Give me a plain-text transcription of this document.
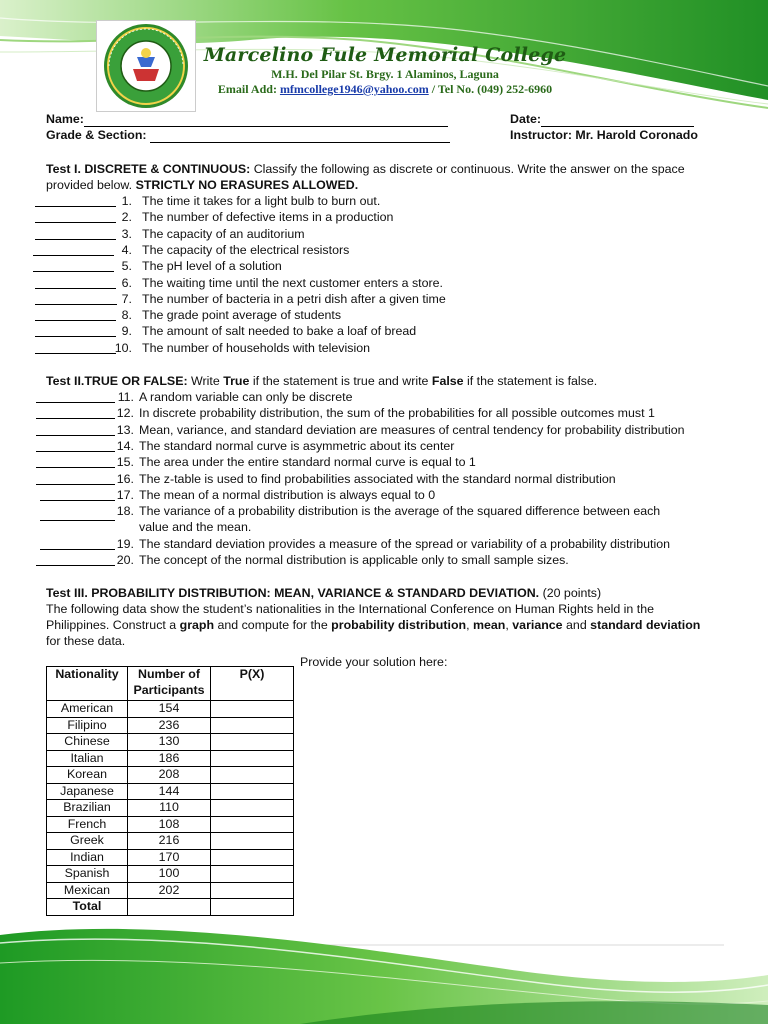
Marcelino Fule Memorial College
M.H. Del Pilar St. Brgy. 1 Alaminos, Laguna
Email Add: mfmcollege1946@yahoo.com / Tel No. (049) 252-6960
Name:
Grade & Section:
Date:
Instructor: Mr. Harold Coronado
Test I. DISCRETE & CONTINUOUS: Classify the following as discrete or continuous. Write the answer on the space
provided below. STRICTLY NO ERASURES ALLOWED.
1. The time it takes for a light bulb to burn out.
2. The number of defective items in a production
3. The capacity of an auditorium
4. The capacity of the electrical resistors
5. The pH level of a solution
6. The waiting time until the next customer enters a store.
7. The number of bacteria in a petri dish after a given time
8. The grade point average of students
9. The amount of salt needed to bake a loaf of bread
10. The number of households with television
Test II.TRUE OR FALSE: Write True if the statement is true and write False if the statement is false.
11. A random variable can only be discrete
12. In discrete probability distribution, the sum of the probabilities for all possible outcomes must 1
13. Mean, variance, and standard deviation are measures of central tendency for probability distribution
14. The standard normal curve is asymmetric about its center
15. The area under the entire standard normal curve is equal to 1
16. The z-table is used to find probabilities associated with the standard normal distribution
17. The mean of a normal distribution is always equal to 0
18. The variance of a probability distribution is the average of the squared difference between each
value and the mean.
19. The standard deviation provides a measure of the spread or variability of a probability distribution
20. The concept of the normal distribution is applicable only to small sample sizes.
Test III. PROBABILITY DISTRIBUTION: MEAN, VARIANCE & STANDARD DEVIATION. (20 points)
The following data show the student’s nationalities in the International Conference on Human Rights held in the
Philippines. Construct a graph and compute for the probability distribution, mean, variance and standard deviation
for these data.
Provide your solution here:
Nationality	Number of Participants	P(X)
American	154	
Filipino	236	
Chinese	130	
Italian	186	
Korean	208	
Japanese	144	
Brazilian	110	
French	108	
Greek	216	
Indian	170	
Spanish	100	
Mexican	202	
Total		
